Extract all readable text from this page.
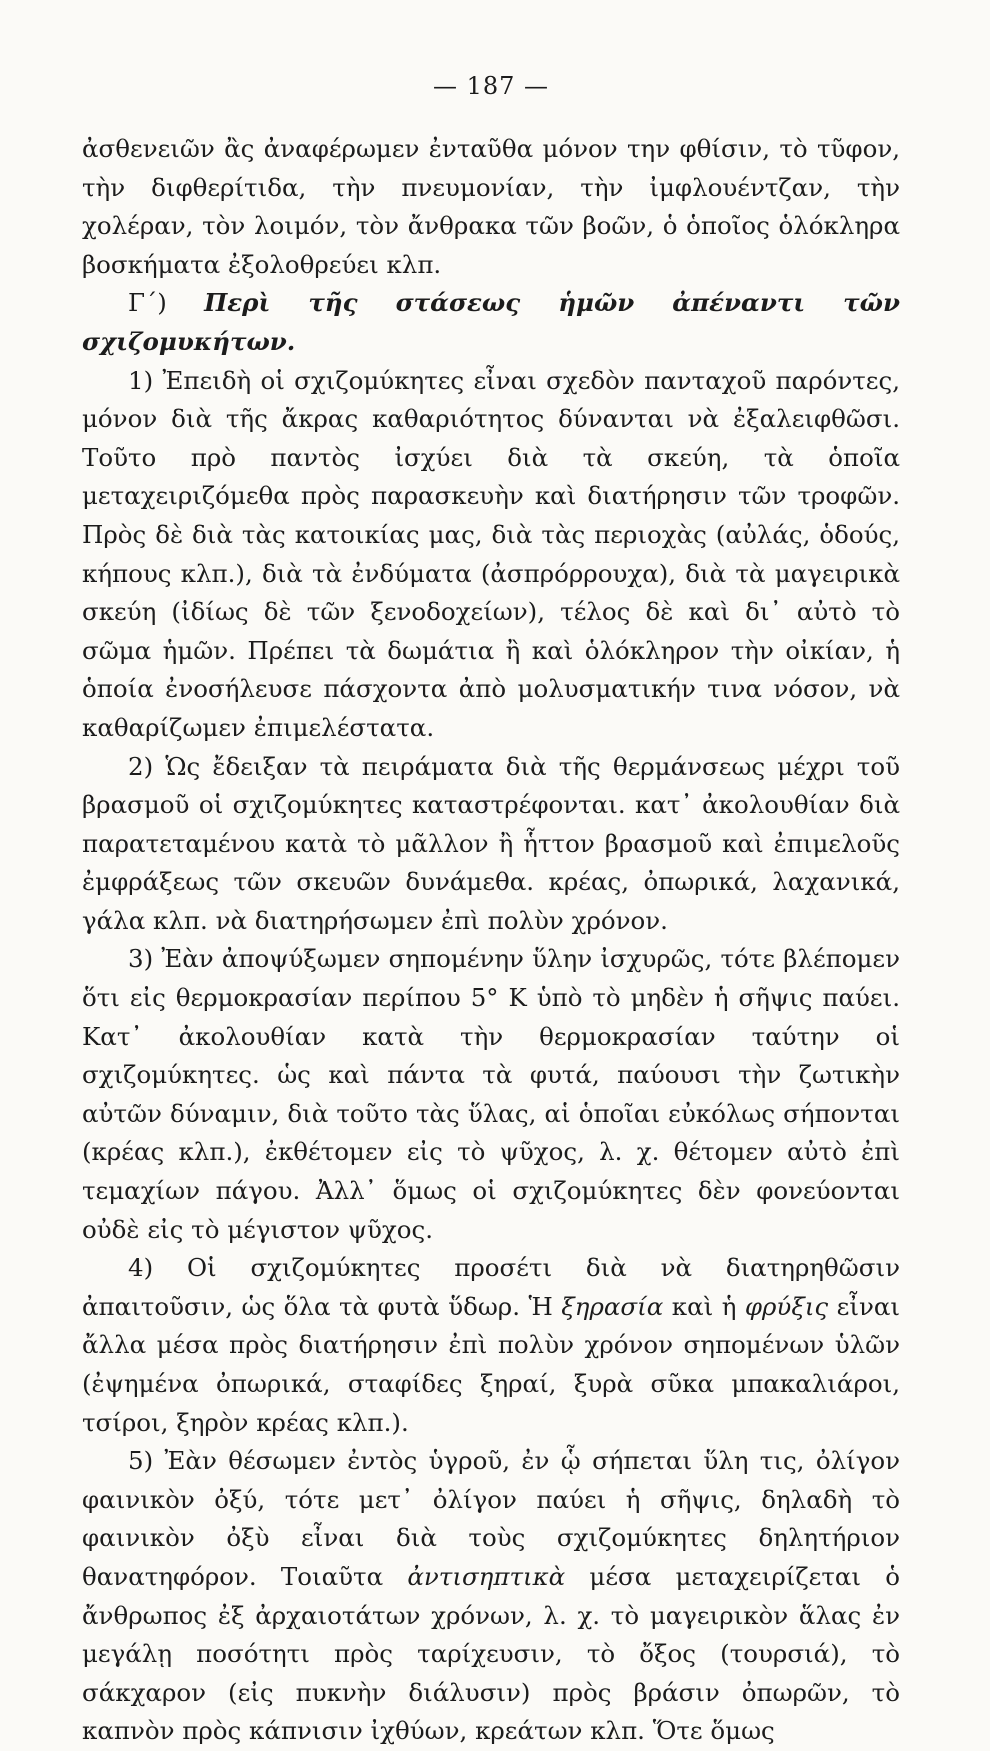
— 187 —

ἀσθενειῶν ἂς ἀναφέρωμεν ἐνταῦθα μόνον την φθίσιν, τὸ τῦφον, τὴν διφθερίτιδα, τὴν πνευμονίαν, τὴν ἰμφλουέντζαν, τὴν χολέραν, τὸν λοιμόν, τὸν ἄνθρακα τῶν βοῶν, ὁ ὁποῖος ὁλόκληρα βοσκήματα ἐξολοθρεύει κλπ.

Γ΄) Περὶ τῆς στάσεως ἡμῶν ἀπέναντι τῶν σχιζομυκήτων.

1) Ἐπειδὴ οἱ σχιζομύκητες εἶναι σχεδὸν πανταχοῦ παρόντες, μόνον διὰ τῆς ἄκρας καθαριότητος δύνανται νὰ ἐξαλειφθῶσι. Τοῦτο πρὸ παντὸς ἰσχύει διὰ τὰ σκεύη, τὰ ὁποῖα μεταχειριζόμεθα πρὸς παρασκευὴν καὶ διατήρησιν τῶν τροφῶν. Πρὸς δὲ διὰ τὰς κατοικίας μας, διὰ τὰς περιοχὰς (αὐλάς, ὁδούς, κήπους κλπ.), διὰ τὰ ἐνδύματα (ἀσπρόρρουχα), διὰ τὰ μαγειρικὰ σκεύη (ἰδίως δὲ τῶν ξενοδοχείων), τέλος δὲ καὶ δι᾿ αὐτὸ τὸ σῶμα ἡμῶν. Πρέπει τὰ δωμάτια ἢ καὶ ὁλόκληρον τὴν οἰκίαν, ἡ ὁποία ἐνοσήλευσε πάσχοντα ἀπὸ μολυσματικήν τινα νόσον, νὰ καθαρίζωμεν ἐπιμελέστατα.

2) Ὡς ἔδειξαν τὰ πειράματα διὰ τῆς θερμάνσεως μέχρι τοῦ βρασμοῦ οἱ σχιζομύκητες καταστρέφονται. κατ᾿ ἀκολουθίαν διὰ παρατεταμένου κατὰ τὸ μᾶλλον ἢ ἧττον βρασμοῦ καὶ ἐπιμελοῦς ἐμφράξεως τῶν σκευῶν δυνάμεθα. κρέας, ὀπωρικά, λαχανικά, γάλα κλπ. νὰ διατηρήσωμεν ἐπὶ πολὺν χρόνον.

3) Ἐὰν ἀποψύξωμεν σηπομένην ὕλην ἰσχυρῶς, τότε βλέπομεν ὅτι εἰς θερμοκρασίαν περίπου 5° Κ ὑπὸ τὸ μηδὲν ἡ σῆψις παύει. Κατ᾿ ἀκολουθίαν κατὰ τὴν θερμοκρασίαν ταύτην οἱ σχιζομύκητες. ὡς καὶ πάντα τὰ φυτά, παύουσι τὴν ζωτικὴν αὐτῶν δύναμιν, διὰ τοῦτο τὰς ὕλας, αἱ ὁποῖαι εὐκόλως σήπονται (κρέας κλπ.), ἐκθέτομεν εἰς τὸ ψῦχος, λ. χ. θέτομεν αὐτὸ ἐπὶ τεμαχίων πάγου. Ἀλλ᾿ ὅμως οἱ σχιζομύκητες δὲν φονεύονται οὐδὲ εἰς τὸ μέγιστον ψῦχος.

4) Οἱ σχιζομύκητες προσέτι διὰ νὰ διατηρηθῶσιν ἀπαιτοῦσιν, ὡς ὅλα τὰ φυτὰ ὕδωρ. Ἡ ξηρασία καὶ ἡ φρύξις εἶναι ἄλλα μέσα πρὸς διατήρησιν ἐπὶ πολὺν χρόνον σηπομένων ὑλῶν (ἐψημένα ὀπωρικά, σταφίδες ξηραί, ξυρὰ σῦκα μπακαλιάροι, τσίροι, ξηρὸν κρέας κλπ.).

5) Ἐὰν θέσωμεν ἐντὸς ὑγροῦ, ἐν ᾧ σήπεται ὕλη τις, ὀλίγον φαινικὸν ὀξύ, τότε μετ᾿ ὀλίγον παύει ἡ σῆψις, δηλαδὴ τὸ φαινικὸν ὀξὺ εἶναι διὰ τοὺς σχιζομύκητες δηλητήριον θανατηφόρον. Τοιαῦτα ἀντισηπτικὰ μέσα μεταχειρίζεται ὁ ἄνθρωπος ἐξ ἀρχαιοτάτων χρόνων, λ. χ. τὸ μαγειρικὸν ἅλας ἐν μεγάλῃ ποσότητι πρὸς ταρίχευσιν, τὸ ὄξος (τουρσιά), τὸ σάκχαρον (εἰς πυκνὴν διάλυσιν) πρὸς βράσιν ὀπωρῶν, τὸ καπνὸν πρὸς κάπνισιν ἰχθύων, κρεάτων κλπ. Ὅτε ὅμως
